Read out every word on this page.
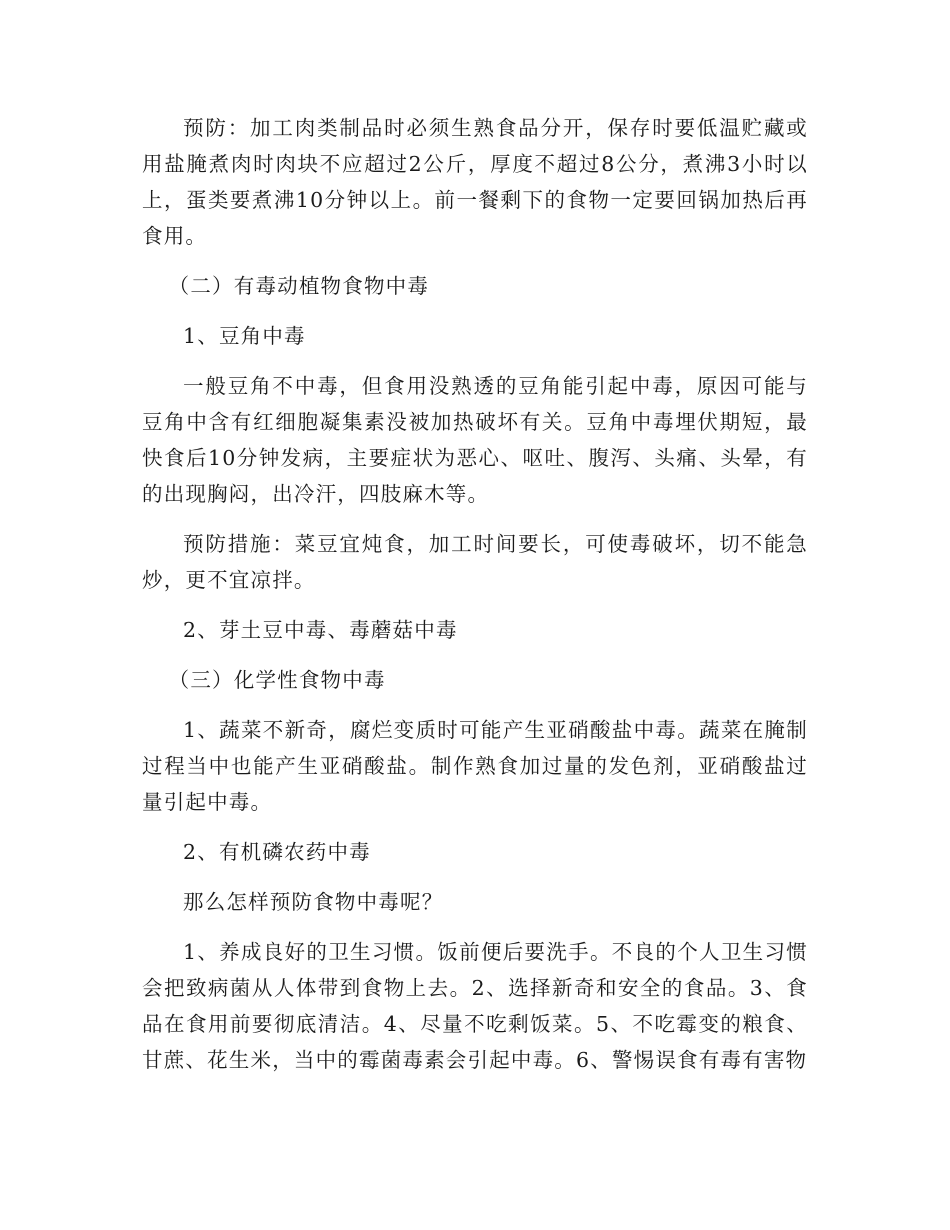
预防：加工肉类制品时必须生熟食品分开，保存时要低温贮藏或用盐腌煮肉时肉块不应超过2公斤，厚度不超过8公分，煮沸3小时以上，蛋类要煮沸10分钟以上。前一餐剩下的食物一定要回锅加热后再食用。

（二）有毒动植物食物中毒

1、豆角中毒

一般豆角不中毒，但食用没熟透的豆角能引起中毒，原因可能与豆角中含有红细胞凝集素没被加热破坏有关。豆角中毒埋伏期短，最快食后10分钟发病，主要症状为恶心、呕吐、腹泻、头痛、头晕，有的出现胸闷，出冷汗，四肢麻木等。

预防措施：菜豆宜炖食，加工时间要长，可使毒破坏，切不能急炒，更不宜凉拌。

2、芽土豆中毒、毒蘑菇中毒

（三）化学性食物中毒

1、蔬菜不新奇，腐烂变质时可能产生亚硝酸盐中毒。蔬菜在腌制过程当中也能产生亚硝酸盐。制作熟食加过量的发色剂，亚硝酸盐过量引起中毒。

2、有机磷农药中毒

那么怎样预防食物中毒呢？

1、养成良好的卫生习惯。饭前便后要洗手。不良的个人卫生习惯会把致病菌从人体带到食物上去。2、选择新奇和安全的食品。3、食品在食用前要彻底清洁。4、尽量不吃剩饭菜。5、不吃霉变的粮食、甘蔗、花生米，当中的霉菌毒素会引起中毒。6、警惕误食有毒有害物
